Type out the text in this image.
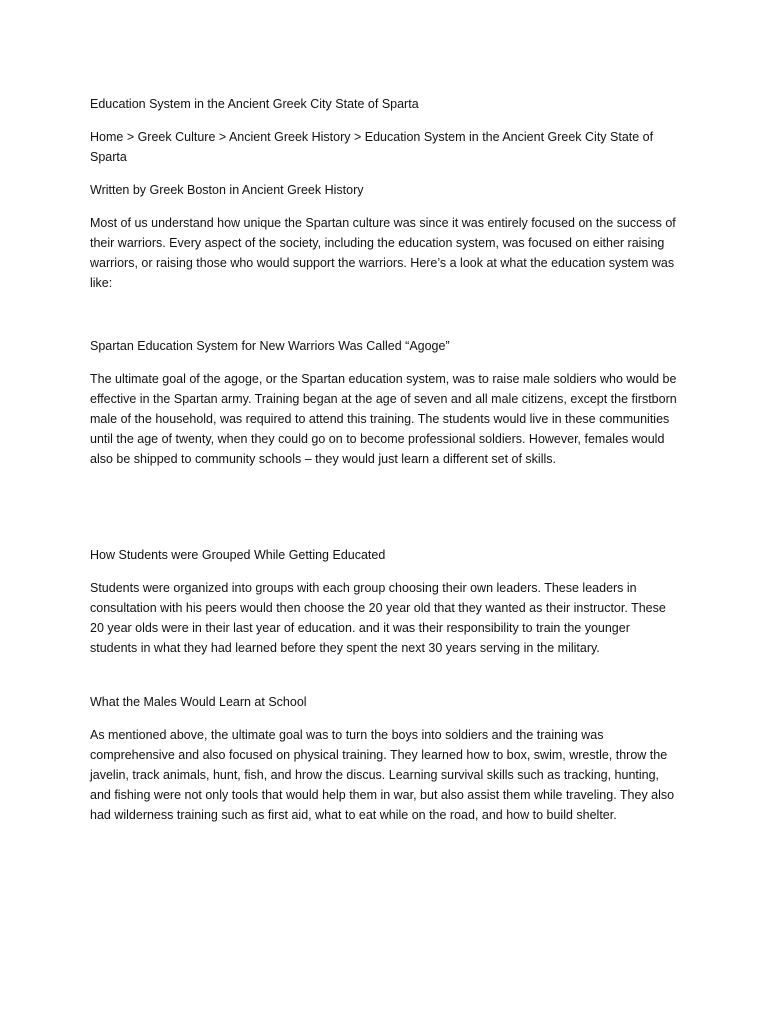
Education System in the Ancient Greek City State of Sparta

Home > Greek Culture > Ancient Greek History > Education System in the Ancient Greek City State of Sparta

Written by Greek Boston in Ancient Greek History

Most of us understand how unique the Spartan culture was since it was entirely focused on the success of their warriors. Every aspect of the society, including the education system, was focused on either raising warriors, or raising those who would support the warriors. Here’s a look at what the education system was like:

Spartan Education System for New Warriors Was Called “Agoge”

The ultimate goal of the agoge, or the Spartan education system, was to raise male soldiers who would be effective in the Spartan army. Training began at the age of seven and all male citizens, except the firstborn male of the household, was required to attend this training. The students would live in these communities until the age of twenty, when they could go on to become professional soldiers. However, females would also be shipped to community schools – they would just learn a different set of skills.

How Students were Grouped While Getting Educated

Students were organized into groups with each group choosing their own leaders. These leaders in consultation with his peers would then choose the 20 year old that they wanted as their instructor. These 20 year olds were in their last year of education. and it was their responsibility to train the younger students in what they had learned before they spent the next 30 years serving in the military.

What the Males Would Learn at School

As mentioned above, the ultimate goal was to turn the boys into soldiers and the training was comprehensive and also focused on physical training. They learned how to box, swim, wrestle, throw the javelin, track animals, hunt, fish, and hrow the discus. Learning survival skills such as tracking, hunting, and fishing were not only tools that would help them in war, but also assist them while traveling. They also had wilderness training such as first aid, what to eat while on the road, and how to build shelter.
